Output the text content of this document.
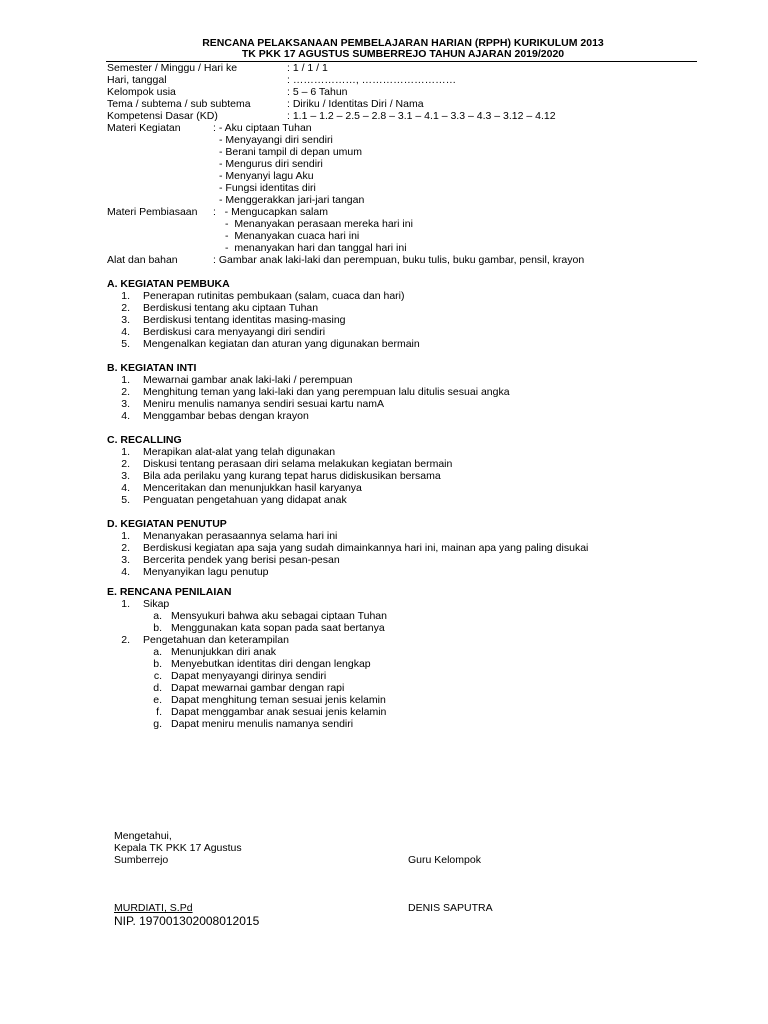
RENCANA PELAKSANAAN PEMBELAJARAN HARIAN (RPPH) KURIKULUM 2013
TK PKK 17 AGUSTUS SUMBERREJO TAHUN AJARAN 2019/2020
Semester / Minggu / Hari ke	: 1 / 1 / 1
Hari, tanggal	: ………………, ………………………
Kelompok usia	: 5 – 6 Tahun
Tema / subtema / sub subtema	: Diriku / Identitas Diri / Nama
Kompetensi Dasar (KD)	: 1.1 – 1.2 – 2.5 – 2.8 – 3.1 – 4.1 – 3.3 – 4.3 – 3.12 – 4.12
Materi Kegiatan	: - Aku ciptaan Tuhan
- Menyayangi diri sendiri
- Berani tampil di depan umum
- Mengurus diri sendiri
- Menyanyi lagu Aku
- Fungsi identitas diri
- Menggerakkan jari-jari tangan
Materi Pembiasaan :   - Mengucapkan salam
-  Menanyakan perasaan mereka hari ini
-  Menanyakan cuaca hari ini
-  menanyakan hari dan tanggal hari ini
Alat dan bahan	: Gambar anak laki-laki dan perempuan, buku tulis, buku gambar, pensil, krayon
A. KEGIATAN PEMBUKA
1. Penerapan rutinitas pembukaan (salam, cuaca dan hari)
2. Berdiskusi tentang aku ciptaan Tuhan
3. Berdiskusi tentang identitas masing-masing
4. Berdiskusi cara menyayangi diri sendiri
5. Mengenalkan kegiatan dan aturan yang digunakan bermain
B. KEGIATAN INTI
1. Mewarnai gambar anak laki-laki / perempuan
2. Menghitung teman yang laki-laki dan yang perempuan lalu ditulis sesuai angka
3. Meniru menulis namanya sendiri sesuai kartu namA
4. Menggambar bebas dengan krayon
C. RECALLING
1. Merapikan alat-alat yang telah digunakan
2. Diskusi tentang perasaan diri selama melakukan kegiatan bermain
3. Bila ada perilaku yang kurang tepat harus didiskusikan bersama
4. Menceritakan dan menunjukkan hasil karyanya
5. Penguatan pengetahuan yang didapat anak
D. KEGIATAN PENUTUP
1. Menanyakan perasaannya selama hari ini
2. Berdiskusi kegiatan apa saja yang sudah dimainkannya hari ini, mainan apa yang paling disukai
3. Bercerita pendek yang berisi pesan-pesan
4. Menyanyikan lagu penutup
E. RENCANA PENILAIAN
1. Sikap
a. Mensyukuri bahwa aku sebagai ciptaan Tuhan
b. Menggunakan kata sopan pada saat bertanya
2. Pengetahuan dan keterampilan
a. Menunjukkan diri anak
b. Menyebutkan identitas diri dengan lengkap
c. Dapat menyayangi dirinya sendiri
d. Dapat mewarnai gambar dengan rapi
e. Dapat menghitung teman sesuai jenis kelamin
f. Dapat menggambar anak sesuai jenis kelamin
g. Dapat meniru menulis namanya sendiri
Mengetahui,
Kepala TK PKK 17 Agustus
Sumberrejo	Guru Kelompok
MURDIATI, S.Pd	DENIS SAPUTRA
NIP. 197001302008012015
